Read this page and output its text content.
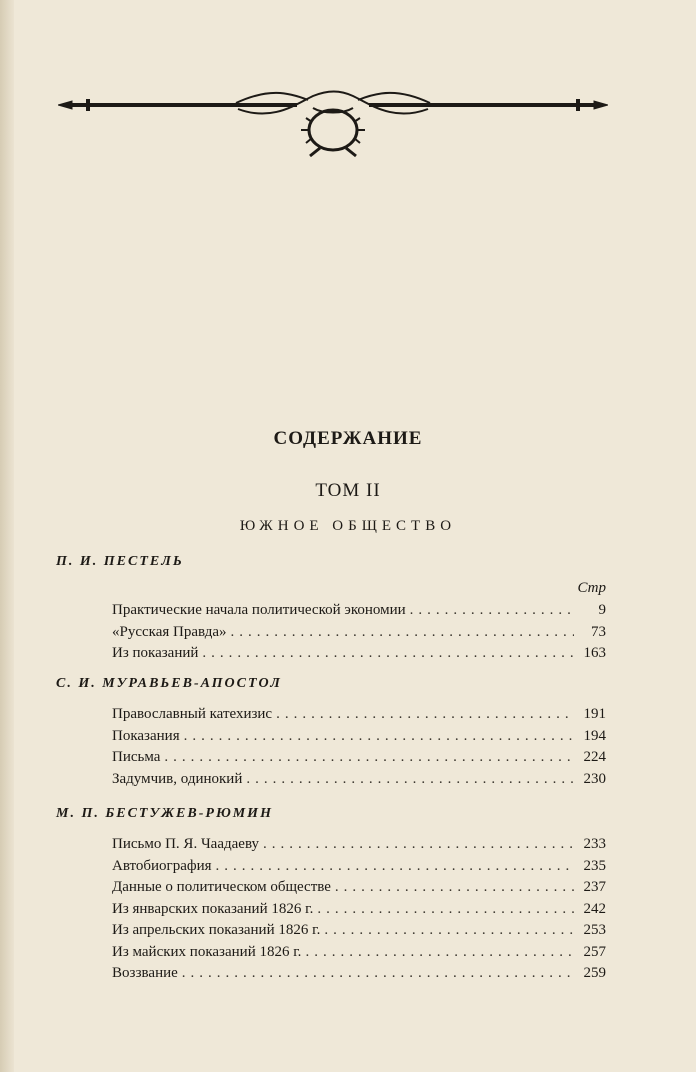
СОДЕРЖАНИЕ
ТОМ II
ЮЖНОЕ ОБЩЕСТВО
П. И. ПЕСТЕЛЬ
Стр
Практические начала политической экономии .....	9
«Русская Правда» .....	73
Из показаний .....	163
С. И. МУРАВЬЕВ-АПОСТОЛ
Православный катехизис .....	191
Показания .....	194
Письма .....	224
Задумчив, одинокий .....	230
М. П. БЕСТУЖЕВ-РЮМИН
Письмо П. Я. Чаадаеву .....	233
Автобиография .....	235
Данные о политическом обществе .....	237
Из январских показаний 1826 г. .....	242
Из апрельских показаний 1826 г. .....	253
Из майских показаний 1826 г. .....	257
Воззвание .....	259
